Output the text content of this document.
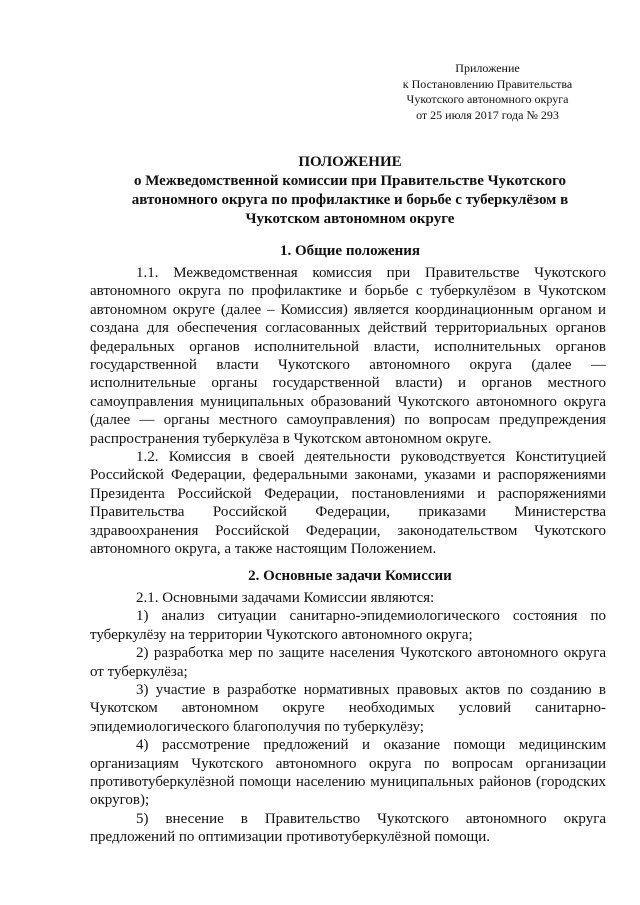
Приложение
к Постановлению Правительства
Чукотского автономного округа
от 25 июля 2017 года № 293
ПОЛОЖЕНИЕ
о Межведомственной комиссии при Правительстве Чукотского
автономного округа по профилактике и борьбе с туберкулёзом в
Чукотском автономном округе
1. Общие положения

1.1. Межведомственная комиссия при Правительстве Чукотского автономного округа по профилактике и борьбе с туберкулёзом в Чукотском автономном округе (далее – Комиссия) является координационным органом и создана для обеспечения согласованных действий территориальных органов федеральных органов исполнительной власти, исполнительных органов государственной власти Чукотского автономного округа (далее — исполнительные органы государственной власти) и органов местного самоуправления муниципальных образований Чукотского автономного округа (далее — органы местного самоуправления) по вопросам предупреждения распространения туберкулёза в Чукотском автономном округе.

1.2. Комиссия в своей деятельности руководствуется Конституцией Российской Федерации, федеральными законами, указами и распоряжениями Президента Российской Федерации, постановлениями и распоряжениями Правительства Российской Федерации, приказами Министерства здравоохранения Российской Федерации, законодательством Чукотского автономного округа, а также настоящим Положением.

2. Основные задачи Комиссии

2.1. Основными задачами Комиссии являются:

1) анализ ситуации санитарно-эпидемиологического состояния по туберкулёзу на территории Чукотского автономного округа;

2) разработка мер по защите населения Чукотского автономного округа от туберкулёза;

3) участие в разработке нормативных правовых актов по созданию в Чукотском автономном округе необходимых условий санитарно-эпидемиологического благополучия по туберкулёзу;

4) рассмотрение предложений и оказание помощи медицинским организациям Чукотского автономного округа по вопросам организации противотуберкулёзной помощи населению муниципальных районов (городских округов);

5) внесение в Правительство Чукотского автономного округа предложений по оптимизации противотуберкулёзной помощи.
